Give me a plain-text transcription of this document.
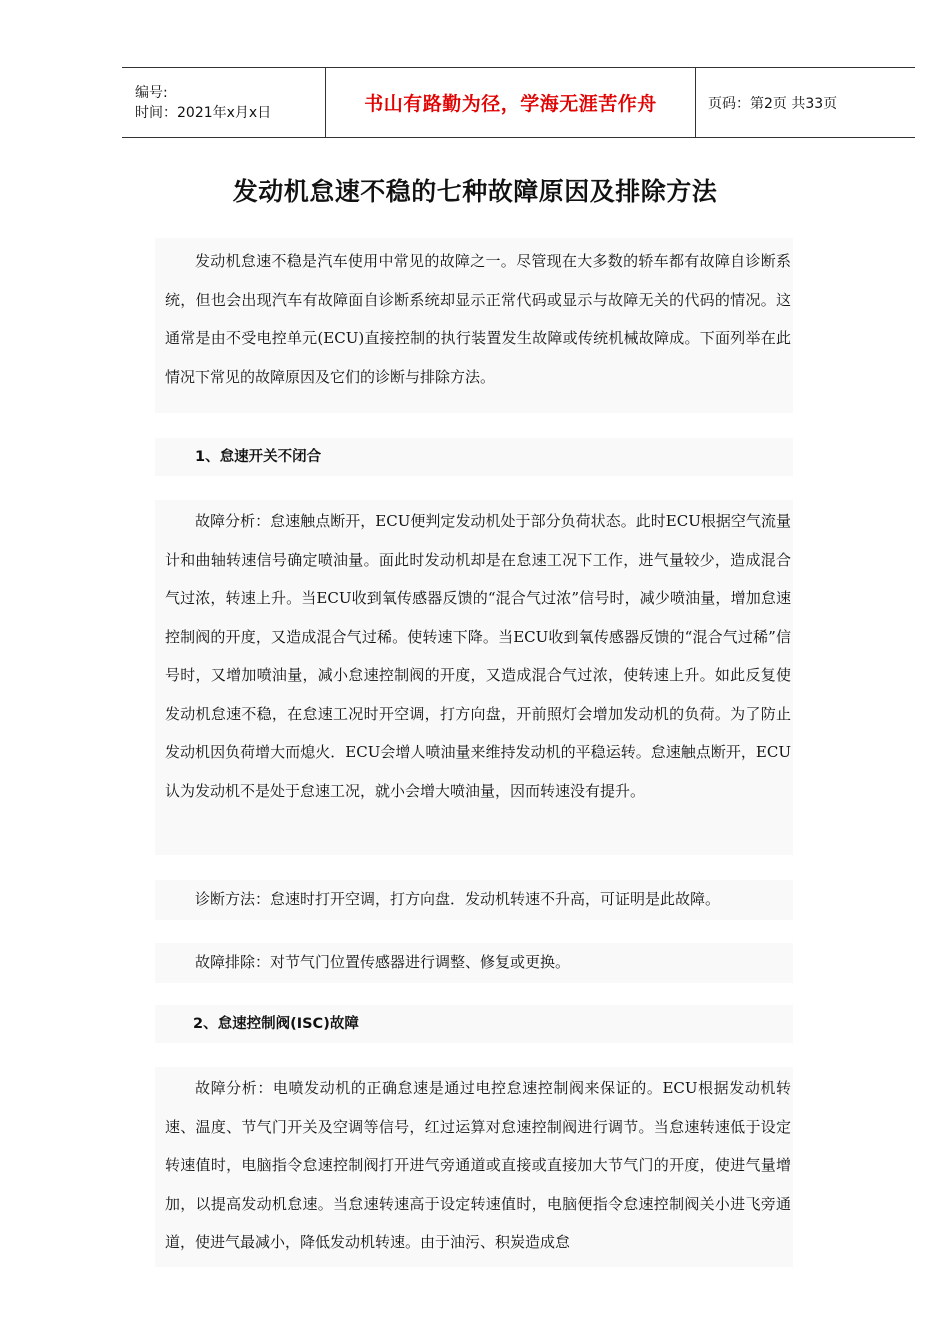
编号:
时间：2021年x月x日	书山有路勤为径，学海无涯苦作舟	页码：第2页 共33页
发动机怠速不稳的七种故障原因及排除方法
发动机怠速不稳是汽车使用中常见的故障之一。尽管现在大多数的轿车都有故障自诊断系统，但也会出现汽车有故障面自诊断系统却显示正常代码或显示与故障无关的代码的情况。这通常是由不受电控单元(ECU)直接控制的执行装置发生故障或传统机械故障成。下面列举在此情况下常见的故障原因及它们的诊断与排除方法。
1、怠速开关不闭合
故障分析：怠速触点断开，ECU便判定发动机处于部分负荷状态。此时ECU根据空气流量计和曲轴转速信号确定喷油量。面此时发动机却是在怠速工况下工作，进气量较少，造成混合气过浓，转速上升。当ECU收到氧传感器反馈的“混合气过浓”信号时，减少喷油量，增加怠速控制阀的开度，又造成混合气过稀。使转速下降。当ECU收到氧传感器反馈的“混合气过稀”信号时，又增加喷油量，减小怠速控制阀的开度，又造成混合气过浓，使转速上升。如此反复使发动机怠速不稳，在怠速工况时开空调，打方向盘，开前照灯会增加发动机的负荷。为了防止发动机因负荷增大而熄火．ECU会增人喷油量来维持发动机的平稳运转。怠速触点断开，ECU认为发动机不是处于怠速工况，就小会增大喷油量，因而转速没有提升。
诊断方法：怠速时打开空调，打方向盘．发动机转速不升高，可证明是此故障。
故障排除：对节气门位置传感器进行调整、修复或更换。
2、怠速控制阀(ISC)故障
故障分析：电喷发动机的正确怠速是通过电控怠速控制阀来保证的。ECU根据发动机转速、温度、节气门开关及空调等信号，红过运算对怠速控制阀进行调节。当怠速转速低于设定转速值时，电脑指令怠速控制阀打开进气旁通道或直接或直接加大节气门的开度，使进气量增加，以提高发动机怠速。当怠速转速高于设定转速值时，电脑便指令怠速控制阀关小进飞旁通道，使进气最减小，降低发动机转速。由于油污、积炭造成怠
